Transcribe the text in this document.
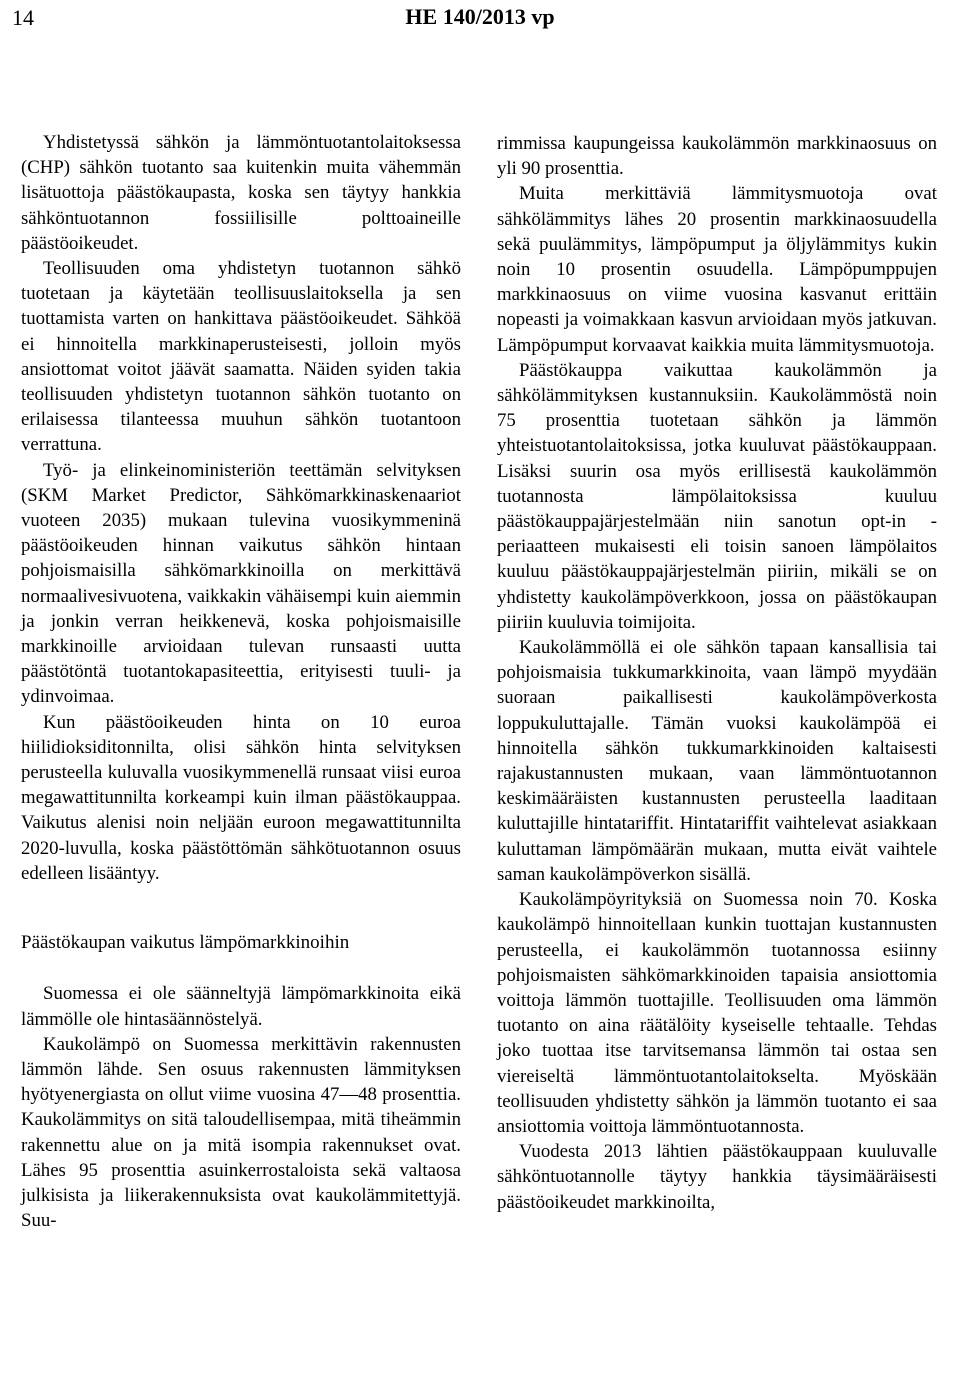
14	HE 140/2013 vp

Yhdistetyssä sähkön ja lämmöntuotantolaitoksessa (CHP) sähkön tuotanto saa kuitenkin muita vähemmän lisätuottoja päästökaupasta, koska sen täytyy hankkia sähköntuotannon fossiilisille polttoaineille päästöoikeudet.

Teollisuuden oma yhdistetyn tuotannon sähkö tuotetaan ja käytetään teollisuuslaitoksella ja sen tuottamista varten on hankittava päästöoikeudet. Sähköä ei hinnoitella markkinaperusteisesti, jolloin myös ansiottomat voitot jäävät saamatta. Näiden syiden takia teollisuuden yhdistetyn tuotannon sähkön tuotanto on erilaisessa tilanteessa muuhun sähkön tuotantoon verrattuna.

Työ- ja elinkeinoministeriön teettämän selvityksen (SKM Market Predictor, Sähkömarkkinaskenaariot vuoteen 2035) mukaan tulevina vuosikymmeninä päästöoikeuden hinnan vaikutus sähkön hintaan pohjoismaisilla sähkömarkkinoilla on merkittävä normaalivesivuotena, vaikkakin vähäisempi kuin aiemmin ja jonkin verran heikkenevä, koska pohjoismaisille markkinoille arvioidaan tulevan runsaasti uutta päästötöntä tuotantokapasiteettia, erityisesti tuuli- ja ydinvoimaa.

Kun päästöoikeuden hinta on 10 euroa hiilidioksiditonnilta, olisi sähkön hinta selvityksen perusteella kuluvalla vuosikymmenellä runsaat viisi euroa megawattitunnilta korkeampi kuin ilman päästökauppaa. Vaikutus alenisi noin neljään euroon megawattitunnilta 2020-luvulla, koska päästöttömän sähkötuotannon osuus edelleen lisääntyy.

Päästökaupan vaikutus lämpömarkkinoihin

Suomessa ei ole säänneltyjä lämpömarkkinoita eikä lämmölle ole hintasäännöstelyä.

Kaukolämpö on Suomessa merkittävin rakennusten lämmön lähde. Sen osuus rakennusten lämmityksen hyötyenergiasta on ollut viime vuosina 47—48 prosenttia. Kaukolämmitys on sitä taloudellisempaa, mitä tiheämmin rakennettu alue on ja mitä isompia rakennukset ovat. Lähes 95 prosenttia asuinkerrostaloista sekä valtaosa julkisista ja liikerakennuksista ovat kaukolämmitettyjä. Suu-

rimmissa kaupungeissa kaukolämmön markkinaosuus on yli 90 prosenttia.

Muita merkittäviä lämmitysmuotoja ovat sähkölämmitys lähes 20 prosentin markkinaosuudella sekä puulämmitys, lämpöpumput ja öljylämmitys kukin noin 10 prosentin osuudella. Lämpöpumppujen markkinaosuus on viime vuosina kasvanut erittäin nopeasti ja voimakkaan kasvun arvioidaan myös jatkuvan. Lämpöpumput korvaavat kaikkia muita lämmitysmuotoja.

Päästökauppa vaikuttaa kaukolämmön ja sähkölämmityksen kustannuksiin. Kaukolämmöstä noin 75 prosenttia tuotetaan sähkön ja lämmön yhteistuotantolaitoksissa, jotka kuuluvat päästökauppaan. Lisäksi suurin osa myös erillisestä kaukolämmön tuotannosta lämpölaitoksissa kuuluu päästökauppajärjestelmään niin sanotun opt-in -periaatteen mukaisesti eli toisin sanoen lämpölaitos kuuluu päästökauppajärjestelmän piiriin, mikäli se on yhdistetty kaukolämpöverkkoon, jossa on päästökaupan piiriin kuuluvia toimijoita.

Kaukolämmöllä ei ole sähkön tapaan kansallisia tai pohjoismaisia tukkumarkkinoita, vaan lämpö myydään suoraan paikallisesti kaukolämpöverkosta loppukuluttajalle. Tämän vuoksi kaukolämpöä ei hinnoitella sähkön tukkumarkkinoiden kaltaisesti rajakustannusten mukaan, vaan lämmöntuotannon keskimääräisten kustannusten perusteella laaditaan kuluttajille hintatariffit. Hintatariffit vaihtelevat asiakkaan kuluttaman lämpömäärän mukaan, mutta eivät vaihtele saman kaukolämpöverkon sisällä.

Kaukolämpöyrityksiä on Suomessa noin 70. Koska kaukolämpö hinnoitellaan kunkin tuottajan kustannusten perusteella, ei kaukolämmön tuotannossa esiinny pohjoismaisten sähkömarkkinoiden tapaisia ansiottomia voittoja lämmön tuottajille. Teollisuuden oma lämmön tuotanto on aina räätälöity kyseiselle tehtaalle. Tehdas joko tuottaa itse tarvitsemansa lämmön tai ostaa sen viereiseltä lämmöntuotantolaitokselta. Myöskään teollisuuden yhdistetty sähkön ja lämmön tuotanto ei saa ansiottomia voittoja lämmöntuotannosta.

Vuodesta 2013 lähtien päästökauppaan kuuluvalle sähköntuotannolle täytyy hankkia täysimääräisesti päästöoikeudet markkinoilta,
